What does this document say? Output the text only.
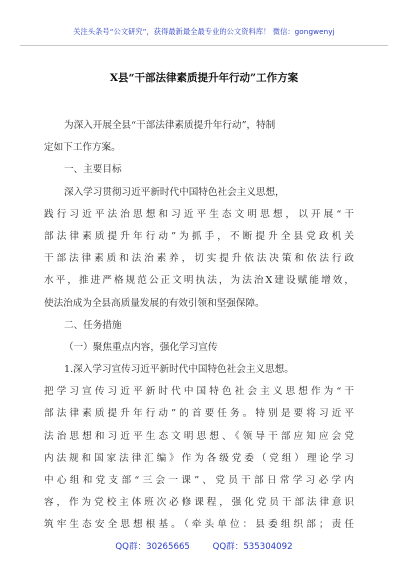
关注头条号“公文研究”，获得最新最全最专业的公文资料库！ 微信：gongwenyj
X县“干部法律素质提升年行动”工作方案
为深入开展全县“干部法律素质提升年行动”，特制
定如下工作方案。
一、主要目标
深入学习贯彻习近平新时代中国特色社会主义思想，
践行习近平法治思想和习近平生态文明思想，以开展“干
部法律素质提升年行动”为抓手，不断提升全县党政机关
干部法律素质和法治素养，切实提升依法决策和依法行政
水平，推进严格规范公正文明执法，为法治X建设赋能增效，
使法治成为全县高质量发展的有效引领和坚强保障。
二、任务措施
（一）聚焦重点内容，强化学习宣传
1.深入学习宣传习近平新时代中国特色社会主义思想。
把学习宣传习近平新时代中国特色社会主义思想作为“干
部法律素质提升年行动”的首要任务。特别是要将习近平
法治思想和习近平生态文明思想、《领导干部应知应会党
内法规和国家法律汇编》作为各级党委（党组）理论学习
中心组和党支部“三会一课”、党员干部日常学习必学内
容，作为党校主体班次必修课程，强化党员干部法律意识
筑牢生态安全思想根基。（牵头单位：县委组织部；责任
QQ群：30265665	QQ群：535304092
